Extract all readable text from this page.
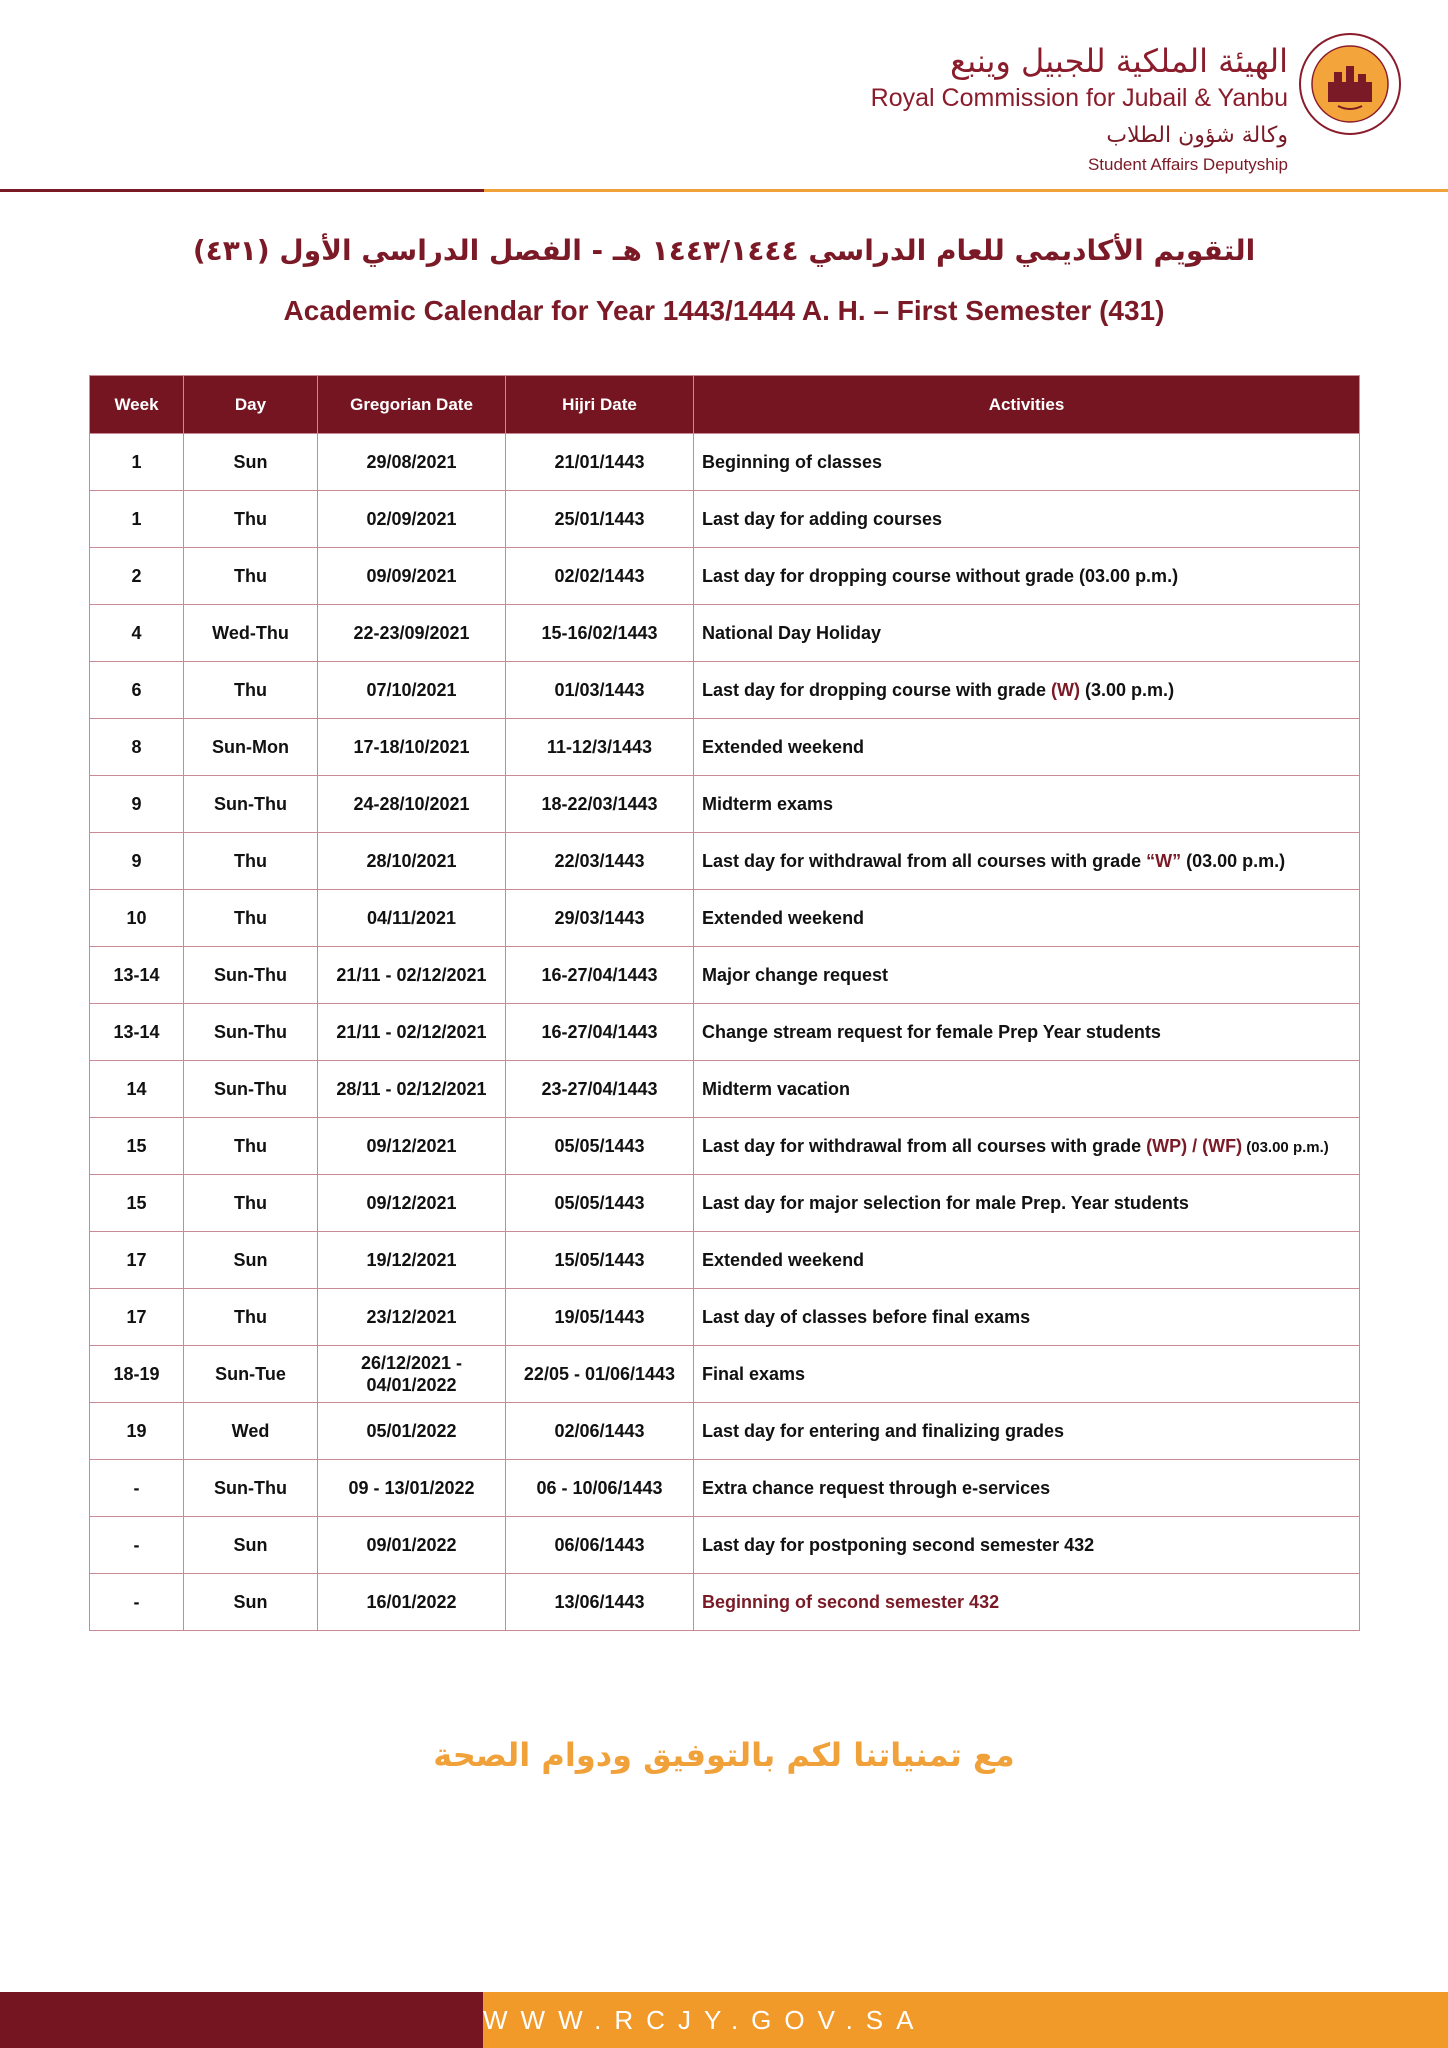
الهيئة الملكية للجبيل وينبع
Royal Commission for Jubail & Yanbu
وكالة شؤون الطلاب
Student Affairs Deputyship
التقويم الأكاديمي للعام الدراسي ١٤٤٣/١٤٤٤ هـ - الفصل الدراسي الأول (٤٣١)
Academic Calendar for Year 1443/1444 A. H. – First Semester (431)
Week	Day	Gregorian Date	Hijri Date	Activities
1	Sun	29/08/2021	21/01/1443	Beginning of classes
1	Thu	02/09/2021	25/01/1443	Last day for adding courses
2	Thu	09/09/2021	02/02/1443	Last day for dropping course without grade (03.00 p.m.)
4	Wed-Thu	22-23/09/2021	15-16/02/1443	National Day Holiday
6	Thu	07/10/2021	01/03/1443	Last day for dropping course with grade (W) (3.00 p.m.)
8	Sun-Mon	17-18/10/2021	11-12/3/1443	Extended weekend
9	Sun-Thu	24-28/10/2021	18-22/03/1443	Midterm exams
9	Thu	28/10/2021	22/03/1443	Last day for withdrawal from all courses with grade “W” (03.00 p.m.)
10	Thu	04/11/2021	29/03/1443	Extended weekend
13-14	Sun-Thu	21/11 - 02/12/2021	16-27/04/1443	Major change request
13-14	Sun-Thu	21/11 - 02/12/2021	16-27/04/1443	Change stream request for female Prep Year students
14	Sun-Thu	28/11 - 02/12/2021	23-27/04/1443	Midterm vacation
15	Thu	09/12/2021	05/05/1443	Last day for withdrawal from all courses with grade (WP) / (WF) (03.00 p.m.)
15	Thu	09/12/2021	05/05/1443	Last day for major selection for male Prep. Year students
17	Sun	19/12/2021	15/05/1443	Extended weekend
17	Thu	23/12/2021	19/05/1443	Last day of classes before final exams
18-19	Sun-Tue	26/12/2021 - 04/01/2022	22/05 - 01/06/1443	Final exams
19	Wed	05/01/2022	02/06/1443	Last day for entering and finalizing grades
-	Sun-Thu	09 - 13/01/2022	06 - 10/06/1443	Extra chance request through e-services
-	Sun	09/01/2022	06/06/1443	Last day for postponing second semester 432
-	Sun	16/01/2022	13/06/1443	Beginning of second semester 432
مع تمنياتنا لكم بالتوفيق ودوام الصحة
WWW.RCJY.GOV.SA
